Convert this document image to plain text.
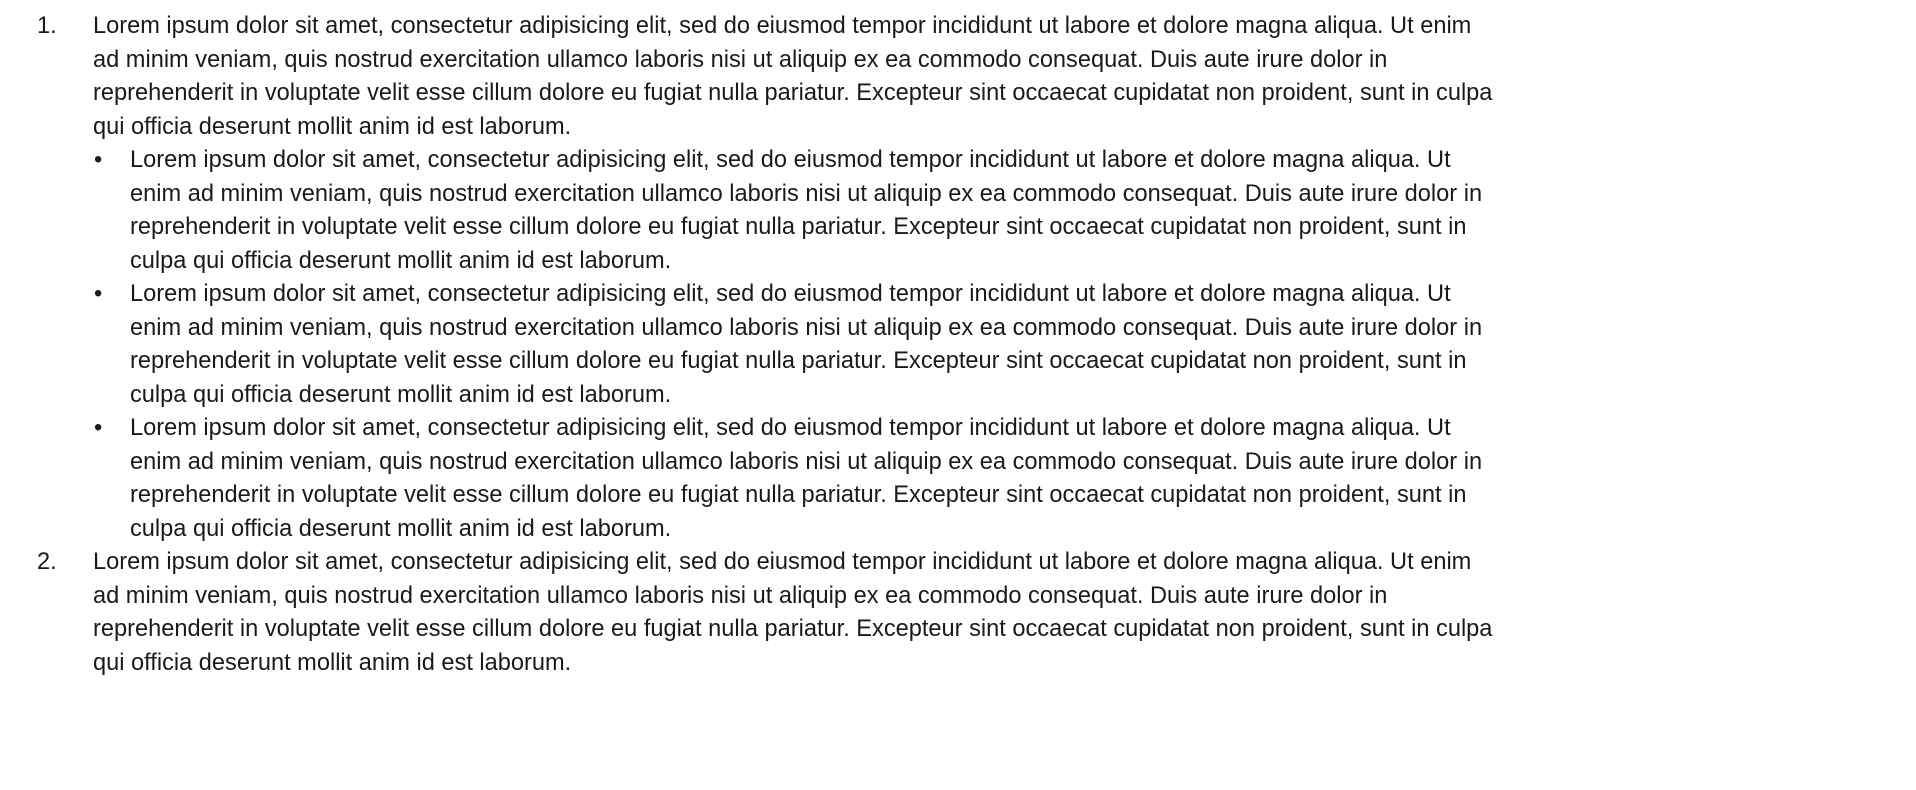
1.	Lorem ipsum dolor sit amet, consectetur adipisicing elit, sed do eiusmod tempor incididunt ut labore et dolore magna aliqua. Ut enim ad minim veniam, quis nostrud exercitation ullamco laboris nisi ut aliquip ex ea commodo consequat. Duis aute irure dolor in reprehenderit in voluptate velit esse cillum dolore eu fugiat nulla pariatur. Excepteur sint occaecat cupidatat non proident, sunt in culpa qui officia deserunt mollit anim id est laborum.
•	Lorem ipsum dolor sit amet, consectetur adipisicing elit, sed do eiusmod tempor incididunt ut labore et dolore magna aliqua. Ut enim ad minim veniam, quis nostrud exercitation ullamco laboris nisi ut aliquip ex ea commodo consequat. Duis aute irure dolor in reprehenderit in voluptate velit esse cillum dolore eu fugiat nulla pariatur. Excepteur sint occaecat cupidatat non proident, sunt in culpa qui officia deserunt mollit anim id est laborum.
•	Lorem ipsum dolor sit amet, consectetur adipisicing elit, sed do eiusmod tempor incididunt ut labore et dolore magna aliqua. Ut enim ad minim veniam, quis nostrud exercitation ullamco laboris nisi ut aliquip ex ea commodo consequat. Duis aute irure dolor in reprehenderit in voluptate velit esse cillum dolore eu fugiat nulla pariatur. Excepteur sint occaecat cupidatat non proident, sunt in culpa qui officia deserunt mollit anim id est laborum.
•	Lorem ipsum dolor sit amet, consectetur adipisicing elit, sed do eiusmod tempor incididunt ut labore et dolore magna aliqua. Ut enim ad minim veniam, quis nostrud exercitation ullamco laboris nisi ut aliquip ex ea commodo consequat. Duis aute irure dolor in reprehenderit in voluptate velit esse cillum dolore eu fugiat nulla pariatur. Excepteur sint occaecat cupidatat non proident, sunt in culpa qui officia deserunt mollit anim id est laborum.
2.	Lorem ipsum dolor sit amet, consectetur adipisicing elit, sed do eiusmod tempor incididunt ut labore et dolore magna aliqua. Ut enim ad minim veniam, quis nostrud exercitation ullamco laboris nisi ut aliquip ex ea commodo consequat. Duis aute irure dolor in reprehenderit in voluptate velit esse cillum dolore eu fugiat nulla pariatur. Excepteur sint occaecat cupidatat non proident, sunt in culpa qui officia deserunt mollit anim id est laborum.
